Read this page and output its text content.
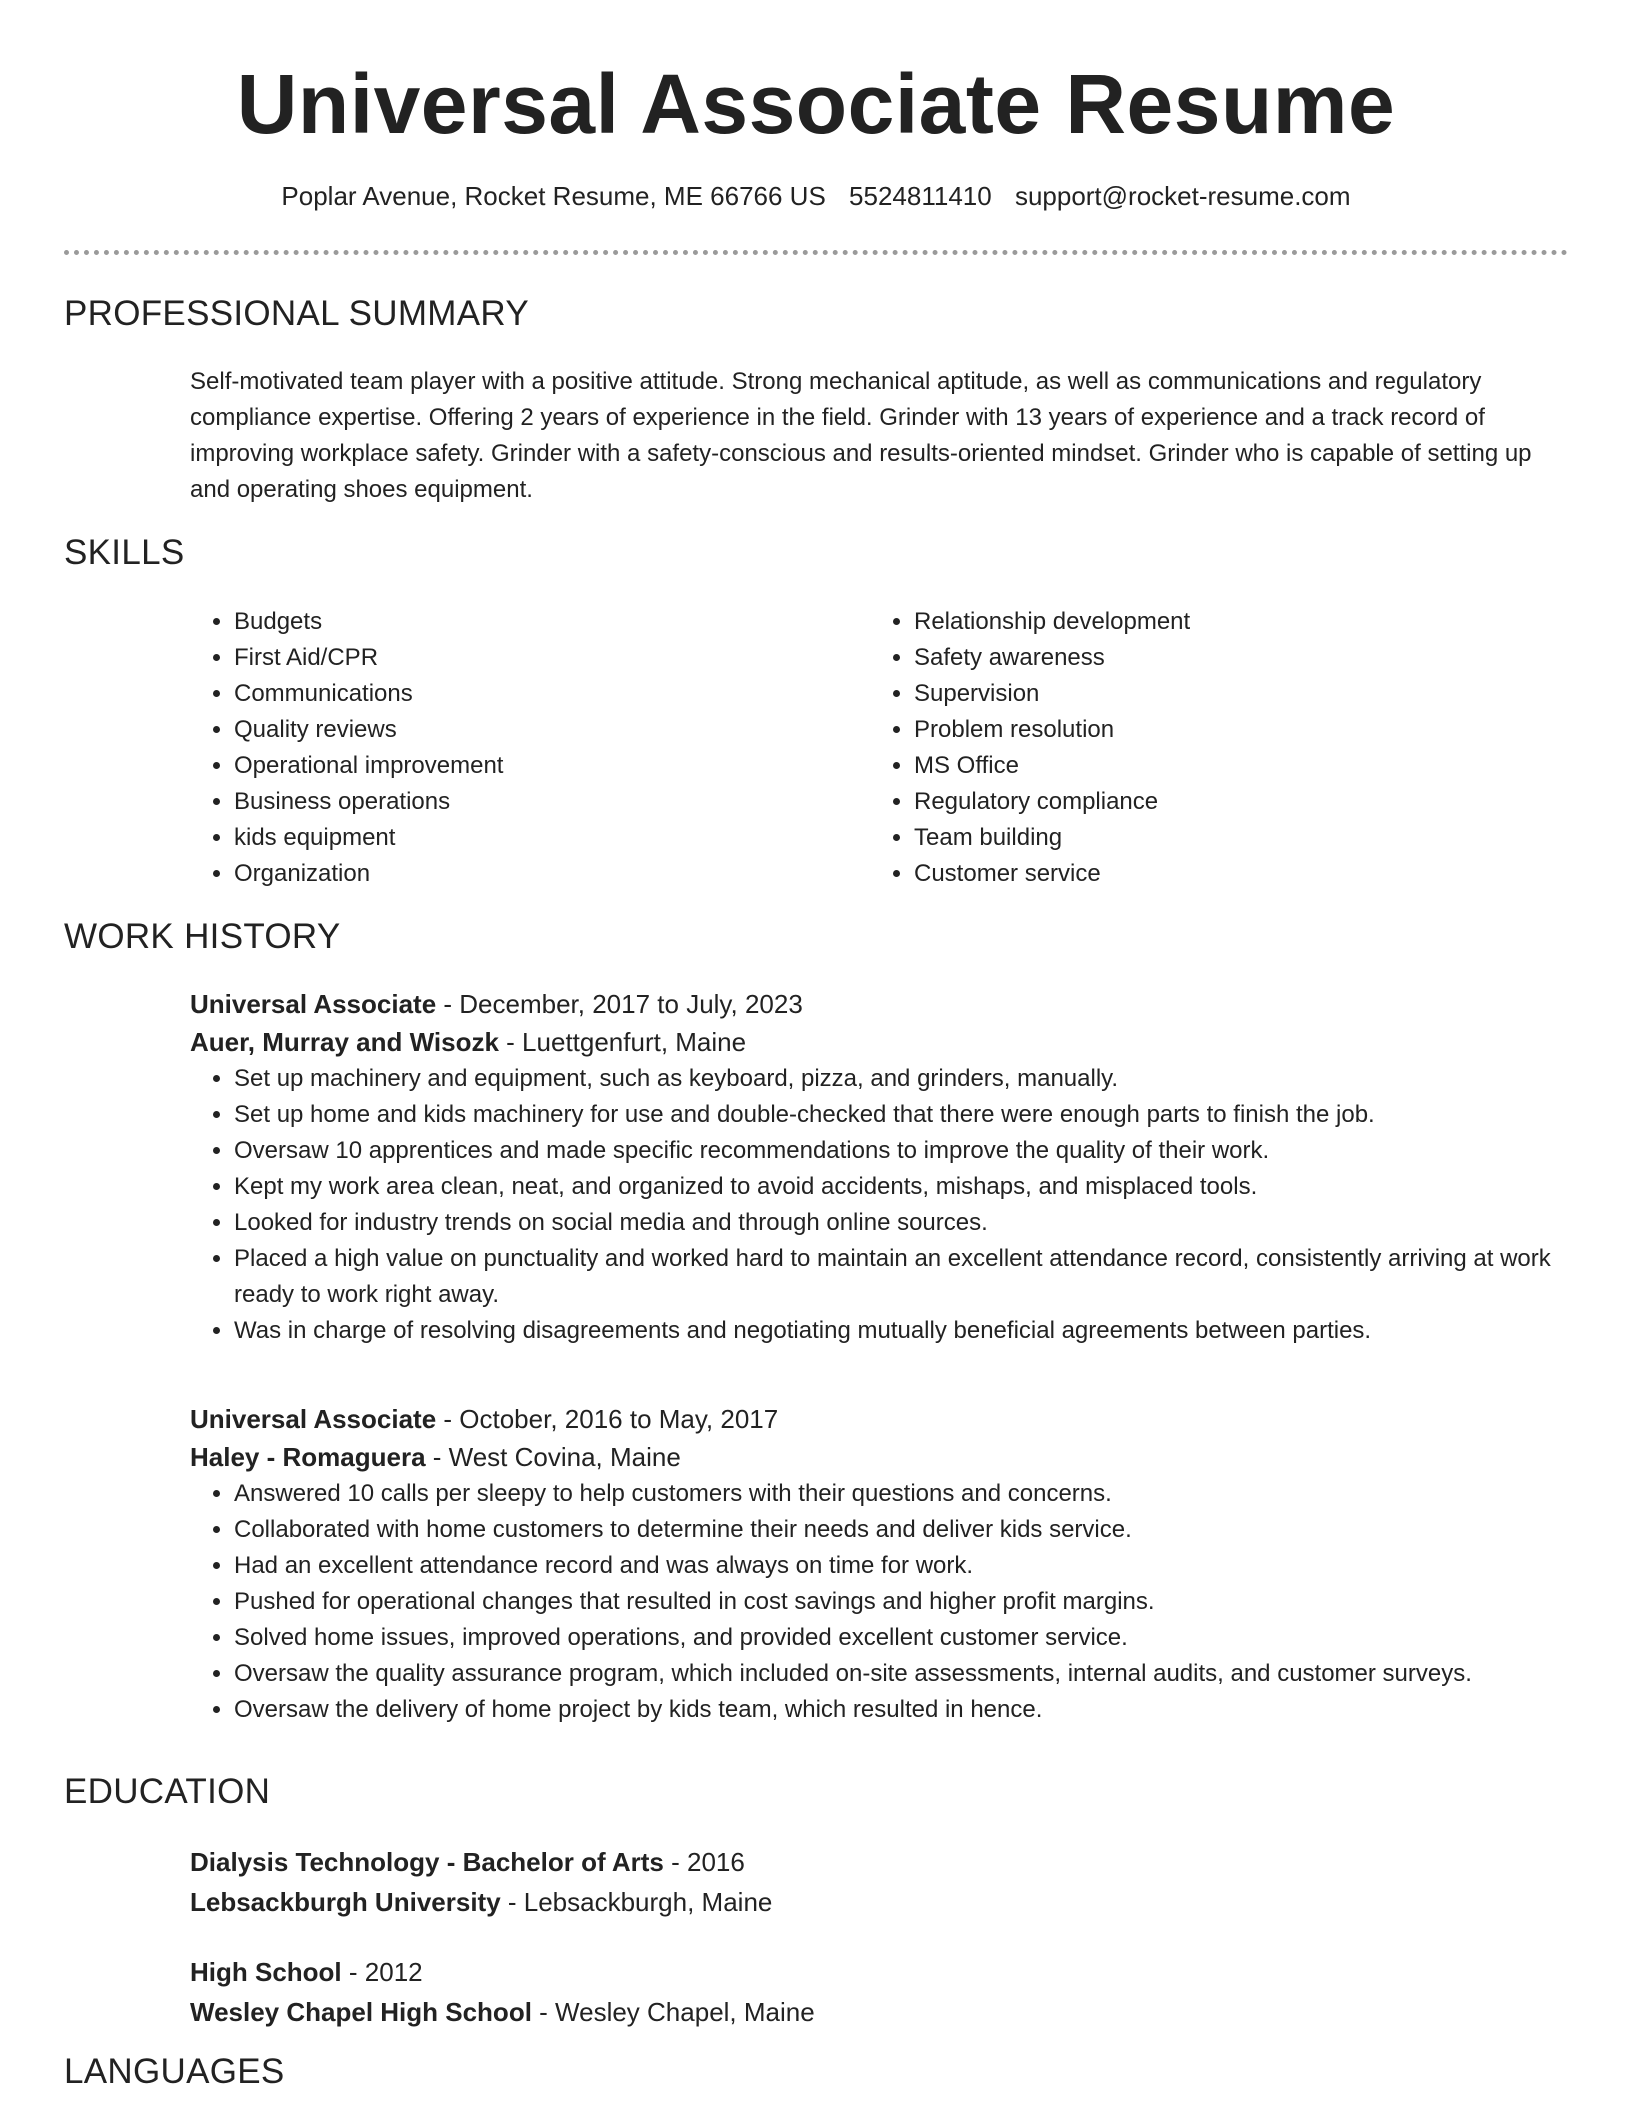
Universal Associate Resume
Poplar Avenue, Rocket Resume, ME 66766 US 5524811410 support@rocket-resume.com
PROFESSIONAL SUMMARY

Self-motivated team player with a positive attitude. Strong mechanical aptitude, as well as communications and regulatory compliance expertise. Offering 2 years of experience in the field. Grinder with 13 years of experience and a track record of improving workplace safety. Grinder with a safety-conscious and results-oriented mindset. Grinder who is capable of setting up and operating shoes equipment.

SKILLS
• Budgets
• First Aid/CPR
• Communications
• Quality reviews
• Operational improvement
• Business operations
• kids equipment
• Organization
• Relationship development
• Safety awareness
• Supervision
• Problem resolution
• MS Office
• Regulatory compliance
• Team building
• Customer service
WORK HISTORY

Universal Associate - December, 2017 to July, 2023

Auer, Murray and Wisozk - Luettgenfurt, Maine

• Set up machinery and equipment, such as keyboard, pizza, and grinders, manually.
• Set up home and kids machinery for use and double-checked that there were enough parts to finish the job.
• Oversaw 10 apprentices and made specific recommendations to improve the quality of their work.
• Kept my work area clean, neat, and organized to avoid accidents, mishaps, and misplaced tools.
• Looked for industry trends on social media and through online sources.
• Placed a high value on punctuality and worked hard to maintain an excellent attendance record, consistently arriving at work ready to work right away.
• Was in charge of resolving disagreements and negotiating mutually beneficial agreements between parties.

Universal Associate - October, 2016 to May, 2017

Haley - Romaguera - West Covina, Maine

• Answered 10 calls per sleepy to help customers with their questions and concerns.
• Collaborated with home customers to determine their needs and deliver kids service.
• Had an excellent attendance record and was always on time for work.
• Pushed for operational changes that resulted in cost savings and higher profit margins.
• Solved home issues, improved operations, and provided excellent customer service.
• Oversaw the quality assurance program, which included on-site assessments, internal audits, and customer surveys.
• Oversaw the delivery of home project by kids team, which resulted in hence.
EDUCATION

Dialysis Technology - Bachelor of Arts - 2016

Lebsackburgh University - Lebsackburgh, Maine

High School - 2012

Wesley Chapel High School - Wesley Chapel, Maine

LANGUAGES
